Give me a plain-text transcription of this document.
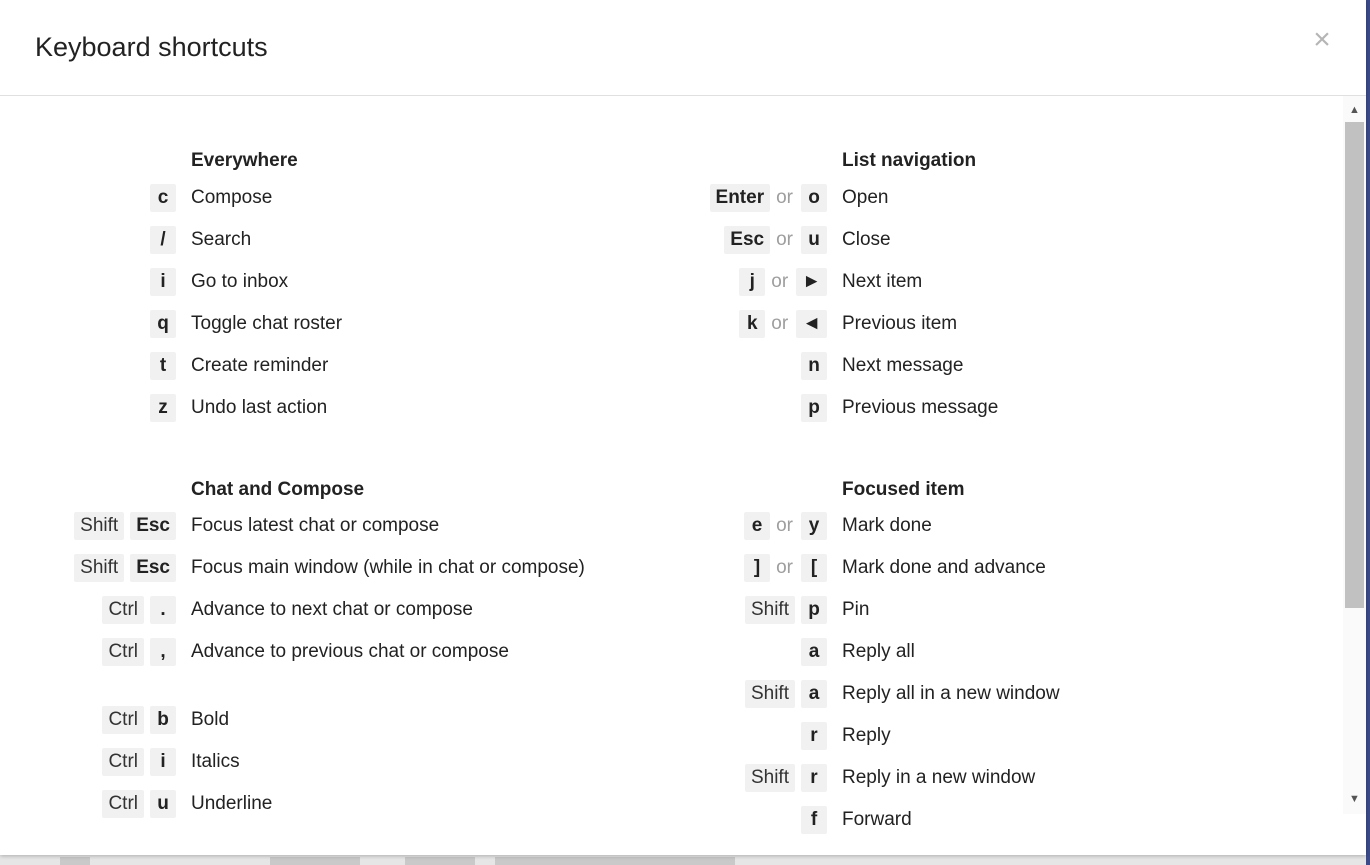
Keyboard shortcuts	×
Everywhere
c	Compose
/	Search
i	Go to inbox
q	Toggle chat roster
t	Create reminder
z	Undo last action
Chat and Compose
Shift Esc	Focus latest chat or compose
Shift Esc	Focus main window (while in chat or compose)
Ctrl	.	Advance to next chat or compose
Ctrl	,	Advance to previous chat or compose
Ctrl	b	Bold
Ctrl	i	Italics
Ctrl	u	Underline
List navigation
Enter or o	Open
Esc or u	Close
j or ►	Next item
k or ◄	Previous item
n	Next message
p	Previous message
Focused item
e or y	Mark done
] or [	Mark done and advance
Shift	p	Pin
a	Reply all
Shift	a	Reply all in a new window
r	Reply
Shift	r	Reply in a new window
f	Forward
▲
▼
